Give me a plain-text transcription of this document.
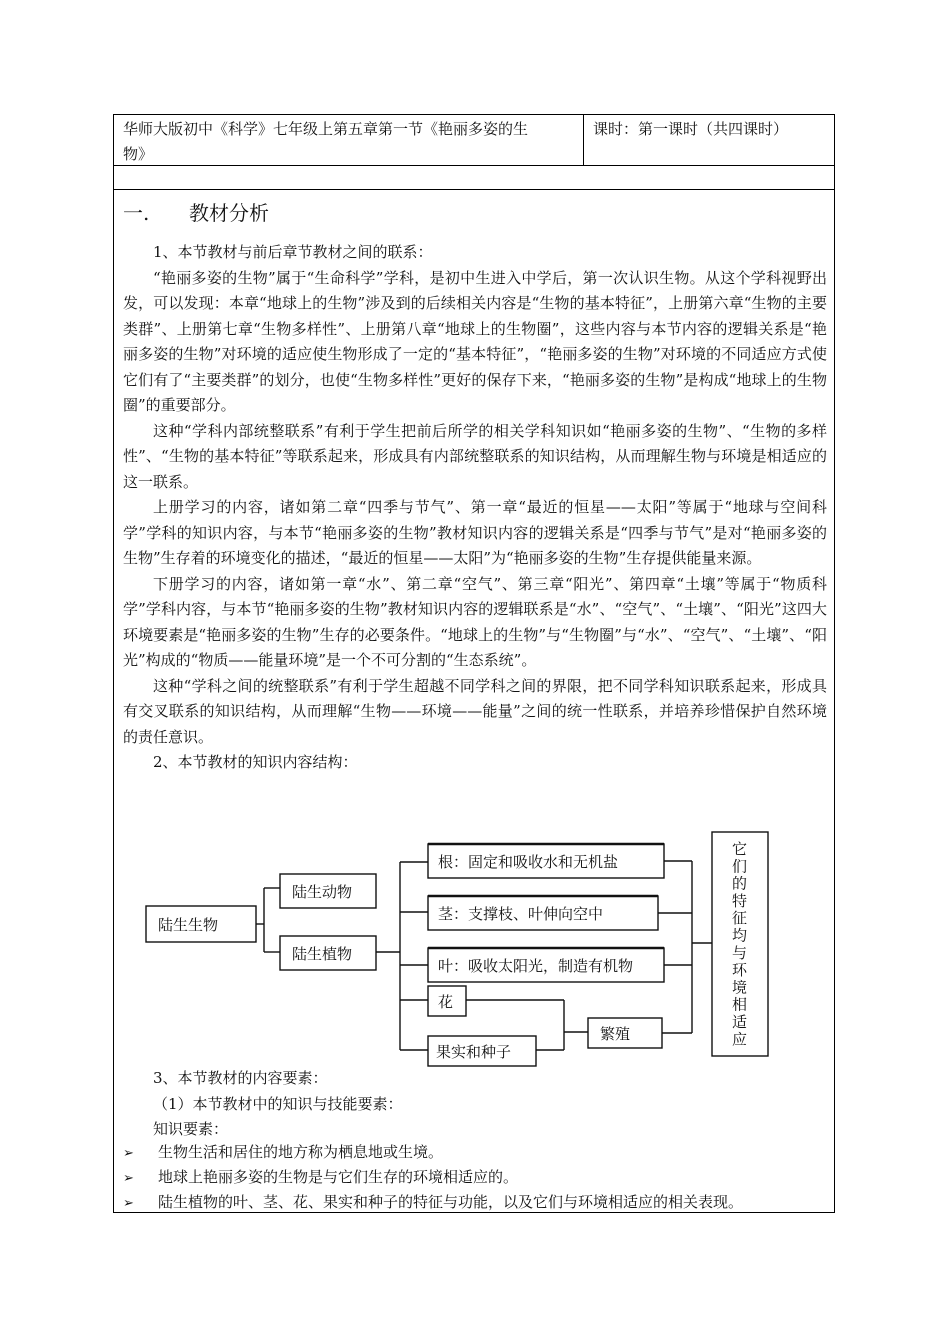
华师大版初中《科学》七年级上第五章第一节《艳丽多姿的生
物》
课时：第一课时（共四课时）
一. 教材分析

1、本节教材与前后章节教材之间的联系：

“艳丽多姿的生物”属于“生命科学”学科，是初中生进入中学后，第一次认识生物。从这个学科视野出发，可以发现：本章“地球上的生物”涉及到的后续相关内容是“生物的基本特征”，上册第六章“生物的主要类群”、上册第七章“生物多样性”、上册第八章“地球上的生物圈”，这些内容与本节内容的逻辑关系是“艳丽多姿的生物”对环境的适应使生物形成了一定的“基本特征”，“艳丽多姿的生物”对环境的不同适应方式使它们有了“主要类群”的划分，也使“生物多样性”更好的保存下来，“艳丽多姿的生物”是构成“地球上的生物圈”的重要部分。

这种“学科内部统整联系”有利于学生把前后所学的相关学科知识如“艳丽多姿的生物”、“生物的多样性”、“生物的基本特征”等联系起来，形成具有内部统整联系的知识结构，从而理解生物与环境是相适应的这一联系。

上册学习的内容，诸如第二章“四季与节气”、第一章“最近的恒星——太阳”等属于“地球与空间科学”学科的知识内容，与本节“艳丽多姿的生物”教材知识内容的逻辑关系是“四季与节气”是对“艳丽多姿的生物”生存着的环境变化的描述，“最近的恒星——太阳”为“艳丽多姿的生物”生存提供能量来源。

下册学习的内容，诸如第一章“水”、第二章“空气”、第三章“阳光”、第四章“土壤”等属于“物质科学”学科内容，与本节“艳丽多姿的生物”教材知识内容的逻辑联系是“水”、“空气”、“土壤”、“阳光”这四大环境要素是“艳丽多姿的生物”生存的必要条件。“地球上的生物”与“生物圈”与“水”、“空气”、“土壤”、“阳光”构成的“物质——能量环境”是一个不可分割的“生态系统”。

这种“学科之间的统整联系”有利于学生超越不同学科之间的界限，把不同学科知识联系起来，形成具有交叉联系的知识结构，从而理解“生物——环境——能量”之间的统一性联系，并培养珍惜保护自然环境的责任意识。

2、本节教材的知识内容结构：

陆生生物
陆生动物
陆生植物
根：固定和吸收水和无机盐
茎：支撑枝、叶伸向空中
叶：吸收太阳光，制造有机物
花
果实和种子
繁殖
它
们
的
特
征
均
与
环
境
相
适
应

3、本节教材的内容要素：

（1）本节教材中的知识与技能要素：

知识要素：

➢ 生物生活和居住的地方称为栖息地或生境。
➢ 地球上艳丽多姿的生物是与它们生存的环境相适应的。
➢ 陆生植物的叶、茎、花、果实和种子的特征与功能，以及它们与环境相适应的相关表现。
